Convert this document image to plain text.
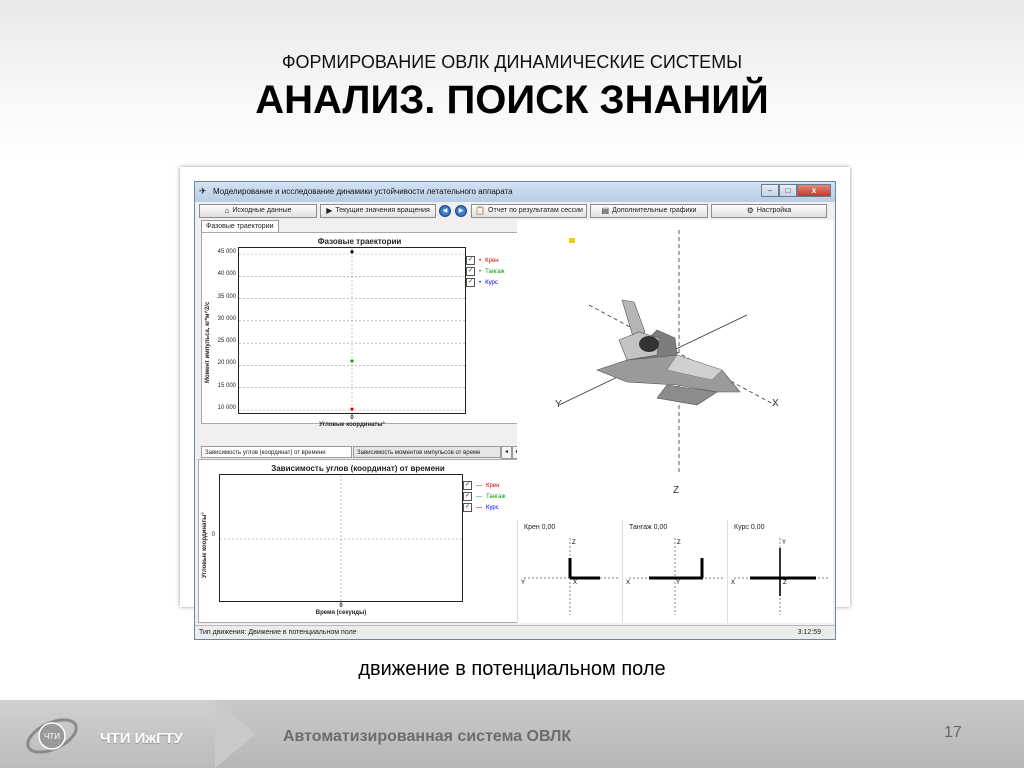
ФОРМИРОВАНИЕ ОВЛК ДИНАМИЧЕСКИЕ СИСТЕМЫ
АНАЛИЗ. ПОИСК ЗНАНИЙ
✈ Моделирование и исследование динамики устойчивости летательного аппарата	–	□	x
⌂ Исходные данные	▶ Текущие значения вращения	◀	▶	📋 Отчет по результатам сессии ▤ Дополнительные графики	⚙ Настройка
Фазовые траектории
Фазовые траектории
Момент импульса, кг*м^2/с
45 000
40 000
35 000
30 000
25 000
20 000
15 000
10 000
0
Угловые координаты°
✓ • Крен
✓ • Тангаж
✓ • Курс
Зависимость углов (координат) от времени	Зависимость моментов импульсов от време	◂
Зависимость углов (координат) от времени
Угловые координаты° 0
0
Время (секунды)
✓ — Крен
✓ — Тангаж
✓ — Курс
Y	X
Z
Крен 0,00
Z
Y	X
Тангаж 0,00
Z
X	Y
Курс 0,00
Y
X	Z
Тип движения: Движение в потенциальном поле	3:12:59
движение в потенциальном поле
ЧТИ	ЧТИ ИжГТУ	Автоматизированная система ОВЛК	17
